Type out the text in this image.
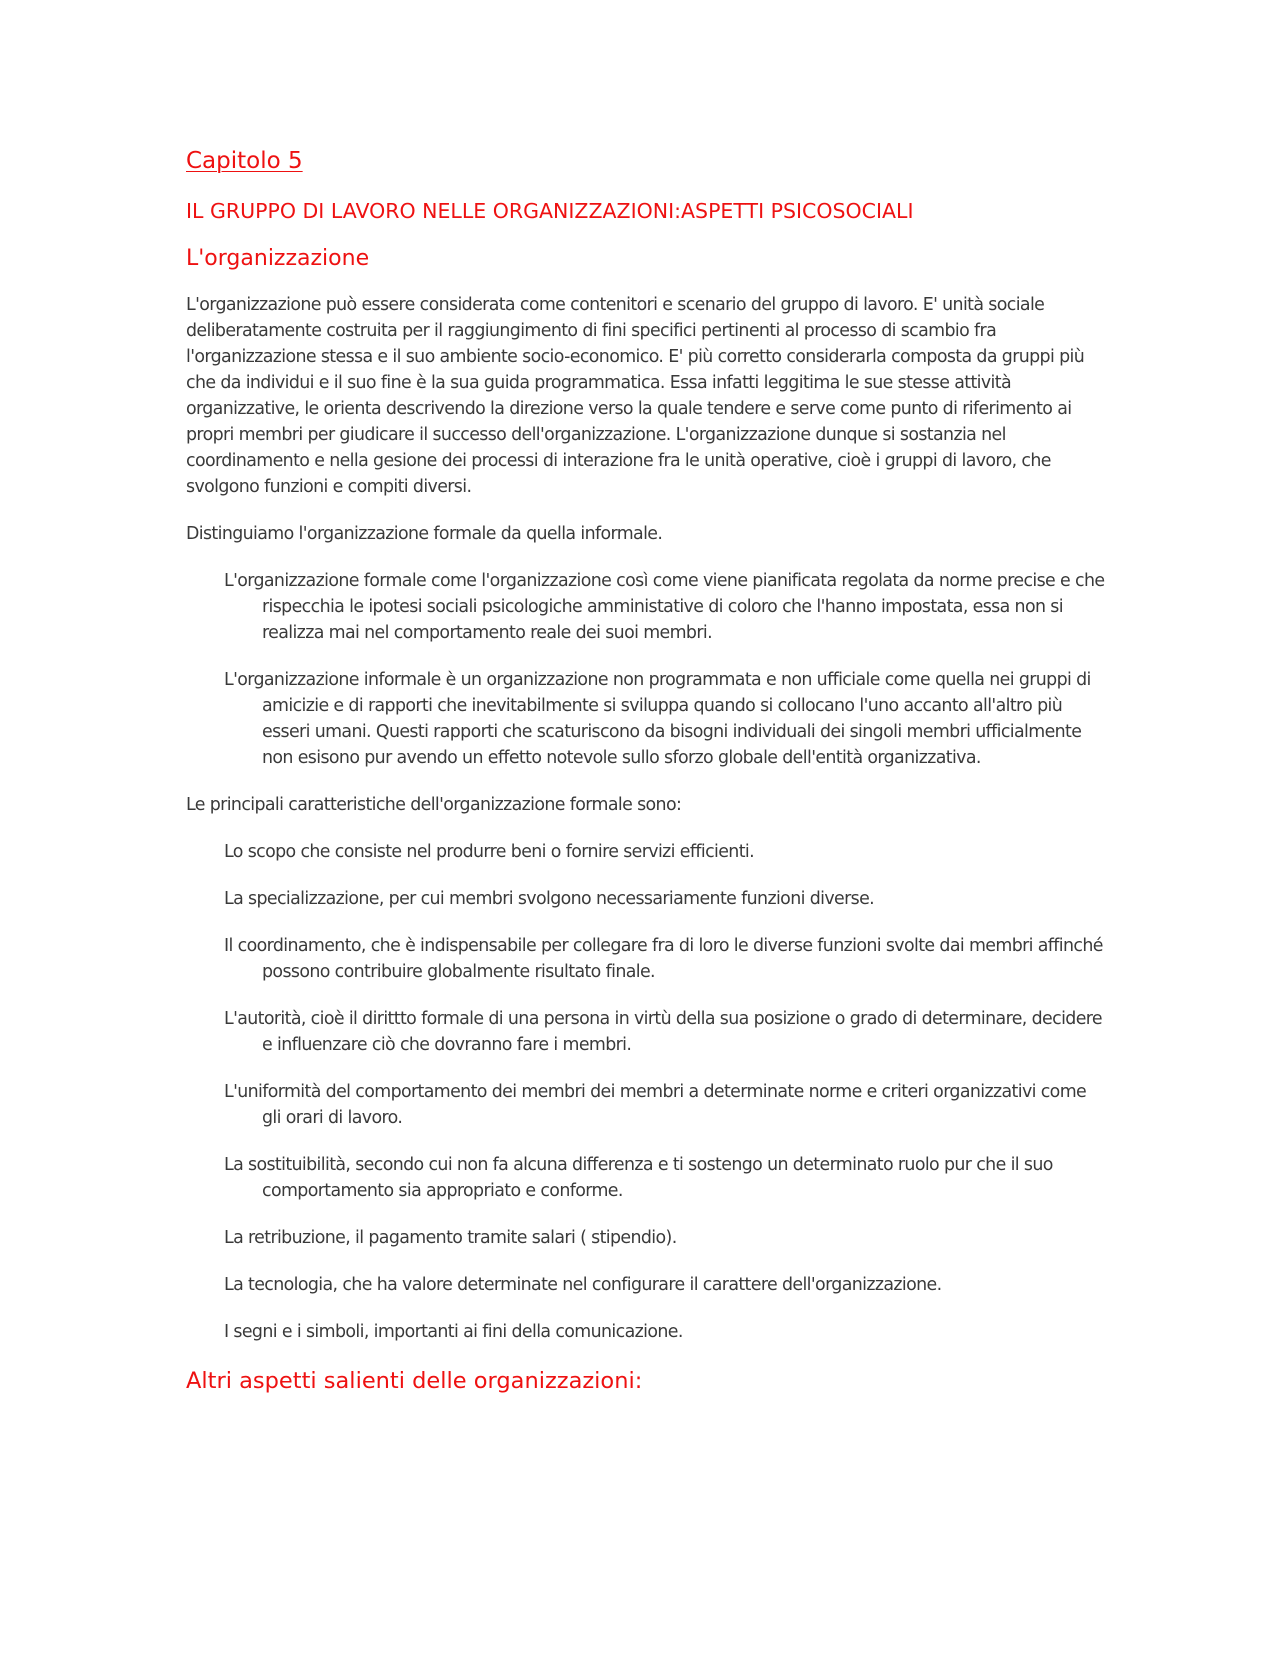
Capitolo 5
IL GRUPPO DI LAVORO NELLE ORGANIZZAZIONI:ASPETTI PSICOSOCIALI
L'organizzazione

L'organizzazione può essere considerata come contenitori e scenario del gruppo di lavoro. E' unità sociale deliberatamente costruita per il raggiungimento di fini specifici pertinenti al processo di scambio fra l'organizzazione stessa e il suo ambiente socio-economico. E' più corretto considerarla composta da gruppi più che da individui e il suo fine è la sua guida programmatica. Essa infatti leggitima le sue stesse attività organizzative, le orienta descrivendo la direzione verso la quale tendere e serve come punto di riferimento ai propri membri per giudicare il successo dell'organizzazione. L'organizzazione dunque si sostanzia nel coordinamento e nella gesione dei processi di interazione fra le unità operative, cioè i gruppi di lavoro, che svolgono funzioni e compiti diversi.

Distinguiamo l'organizzazione formale da quella informale.

L'organizzazione formale come l'organizzazione così come viene pianificata regolata da norme precise e che rispecchia le ipotesi sociali psicologiche amministative di coloro che l'hanno impostata, essa non si realizza mai nel comportamento reale dei suoi membri.

L'organizzazione informale è un organizzazione non programmata e non ufficiale come quella nei gruppi di amicizie e di rapporti che inevitabilmente si sviluppa quando si collocano l'uno accanto all'altro più esseri umani. Questi rapporti che scaturiscono da bisogni individuali dei singoli membri ufficialmente non esisono pur avendo un effetto notevole sullo sforzo globale dell'entità organizzativa.

Le principali caratteristiche dell'organizzazione formale sono:

Lo scopo che consiste nel produrre beni o fornire servizi efficienti.

La specializzazione, per cui membri svolgono necessariamente funzioni diverse.

Il coordinamento, che è indispensabile per collegare fra di loro le diverse funzioni svolte dai membri affinché possono contribuire globalmente risultato finale.

L'autorità, cioè il dirittto formale di una persona in virtù della sua posizione o grado di determinare, decidere e influenzare ciò che dovranno fare i membri.

L'uniformità del comportamento dei membri dei membri a determinate norme e criteri organizzativi come gli orari di lavoro.

La sostituibilità, secondo cui non fa alcuna differenza e ti sostengo un determinato ruolo pur che il suo comportamento sia appropriato e conforme.

La retribuzione, il pagamento tramite salari ( stipendio).

La tecnologia, che ha valore determinate nel configurare il carattere dell'organizzazione.

I segni e i simboli, importanti ai fini della comunicazione.

Altri aspetti salienti delle organizzazioni:
